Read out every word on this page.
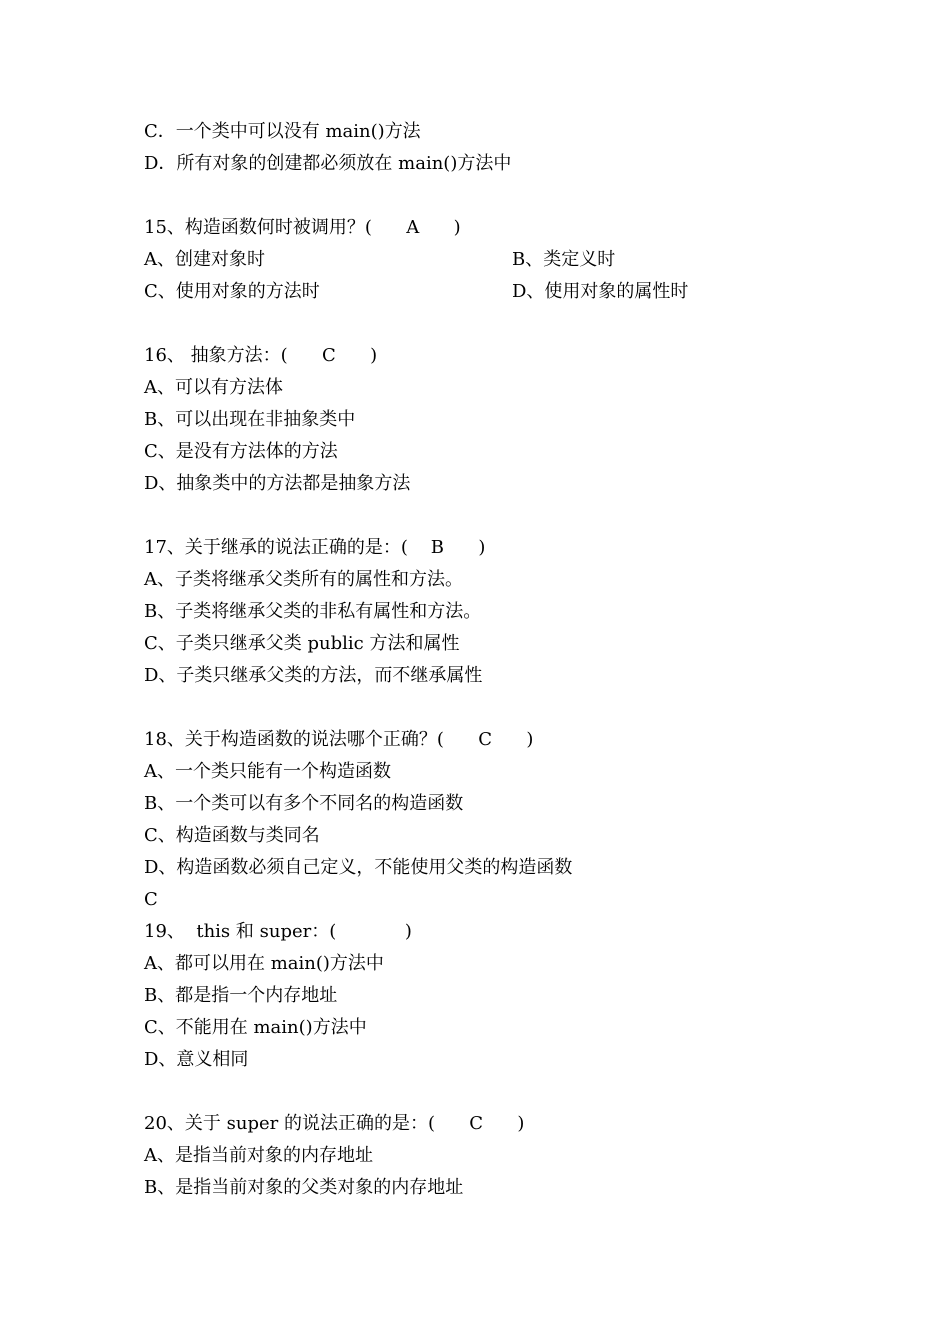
C．一个类中可以没有 main()方法
D．所有对象的创建都必须放在 main()方法中
15、构造函数何时被调用？(      A      )
A、创建对象时	B、类定义时
C、使用对象的方法时	D、使用对象的属性时
16、 抽象方法：(      C      )
A、可以有方法体
B、可以出现在非抽象类中
C、是没有方法体的方法
D、抽象类中的方法都是抽象方法
17、关于继承的说法正确的是：(    B      )
A、子类将继承父类所有的属性和方法。
B、子类将继承父类的非私有属性和方法。
C、子类只继承父类 public 方法和属性
D、子类只继承父类的方法，而不继承属性
18、关于构造函数的说法哪个正确？(      C      )
A、一个类只能有一个构造函数
B、一个类可以有多个不同名的构造函数
C、构造函数与类同名
D、构造函数必须自己定义，不能使用父类的构造函数
C
19、  this 和 super：(            )
A、都可以用在 main()方法中
B、都是指一个内存地址
C、不能用在 main()方法中
D、意义相同
20、关于 super 的说法正确的是：(      C      )
A、是指当前对象的内存地址
B、是指当前对象的父类对象的内存地址
